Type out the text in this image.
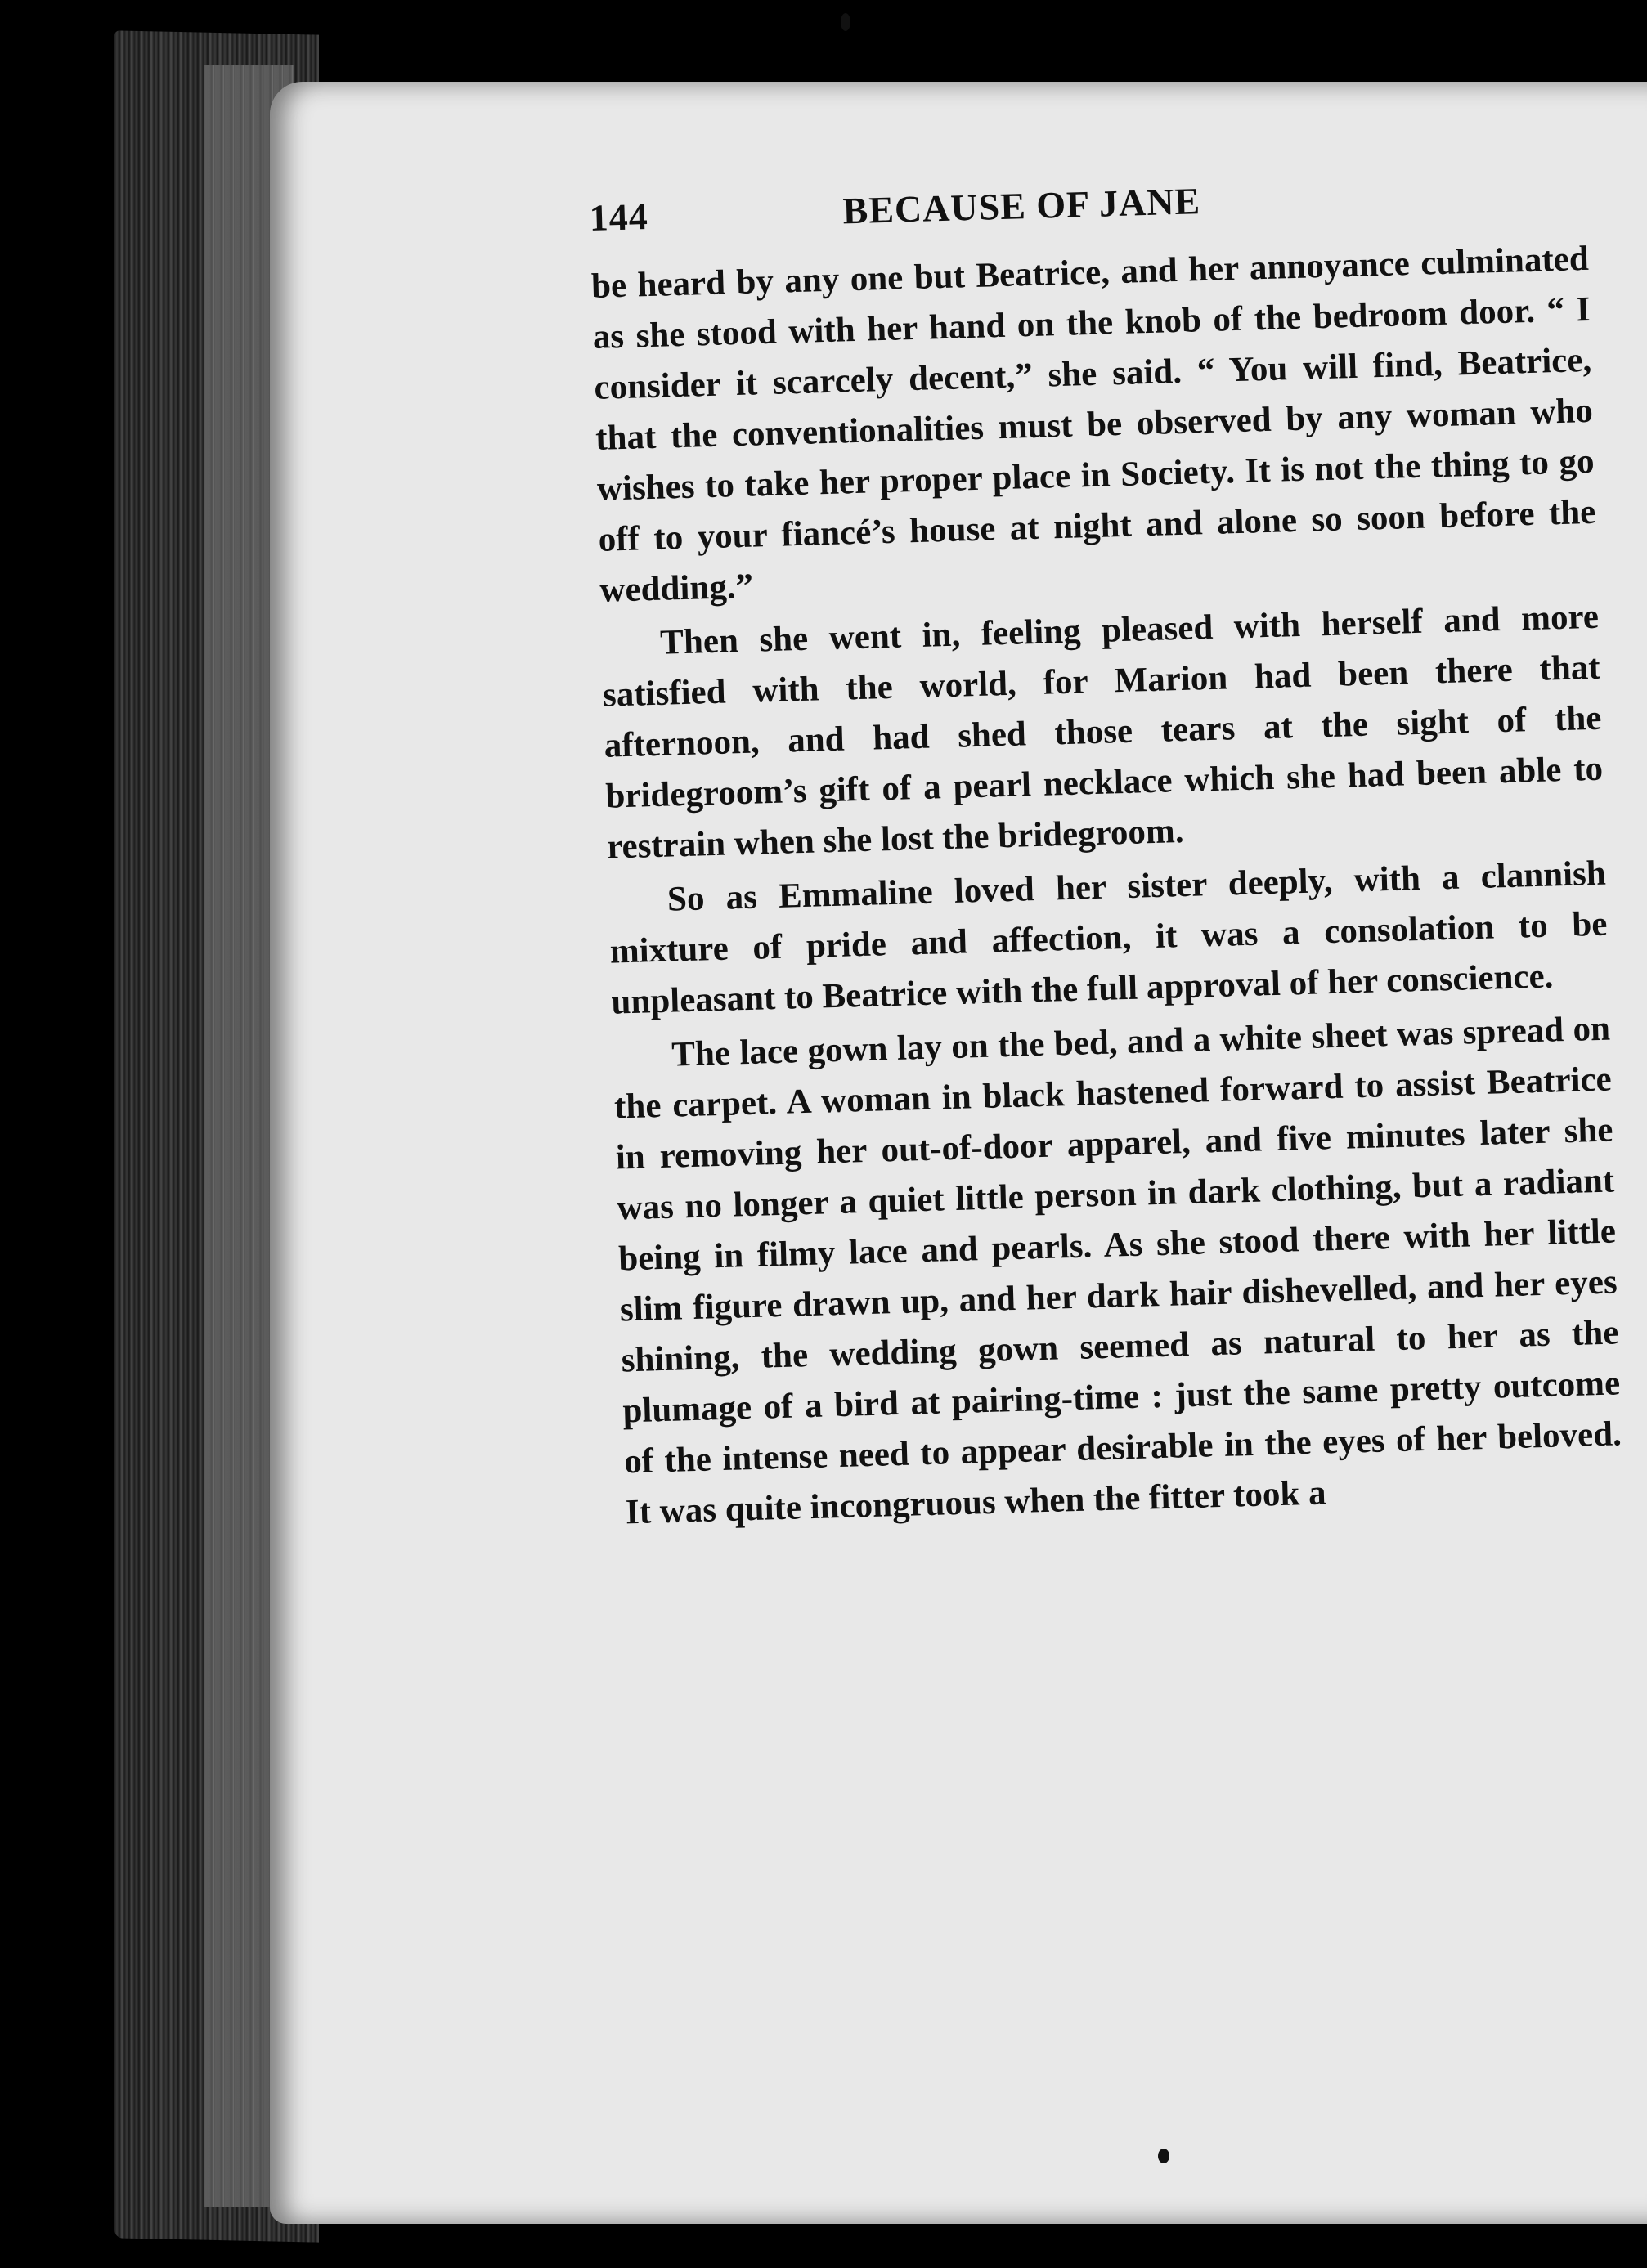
144	BECAUSE OF JANE

be heard by any one but Beatrice, and her annoyance culminated as she stood with her hand on the knob of the bedroom door. “ I consider it scarcely decent,” she said. “ You will find, Beatrice, that the conventionalities must be observed by any woman who wishes to take her proper place in Society. It is not the thing to go off to your fiancé’s house at night and alone so soon before the wedding.”

Then she went in, feeling pleased with herself and more satisfied with the world, for Marion had been there that afternoon, and had shed those tears at the sight of the bridegroom’s gift of a pearl necklace which she had been able to restrain when she lost the bridegroom.

So as Emmaline loved her sister deeply, with a clannish mixture of pride and affection, it was a consolation to be unpleasant to Beatrice with the full approval of her conscience.

The lace gown lay on the bed, and a white sheet was spread on the carpet. A woman in black hastened forward to assist Beatrice in removing her out-of-door apparel, and five minutes later she was no longer a quiet little person in dark clothing, but a radiant being in filmy lace and pearls. As she stood there with her little slim figure drawn up, and her dark hair dishevelled, and her eyes shining, the wedding gown seemed as natural to her as the plumage of a bird at pairing-time : just the same pretty outcome of the intense need to appear desirable in the eyes of her beloved. It was quite incongruous when the fitter took a
